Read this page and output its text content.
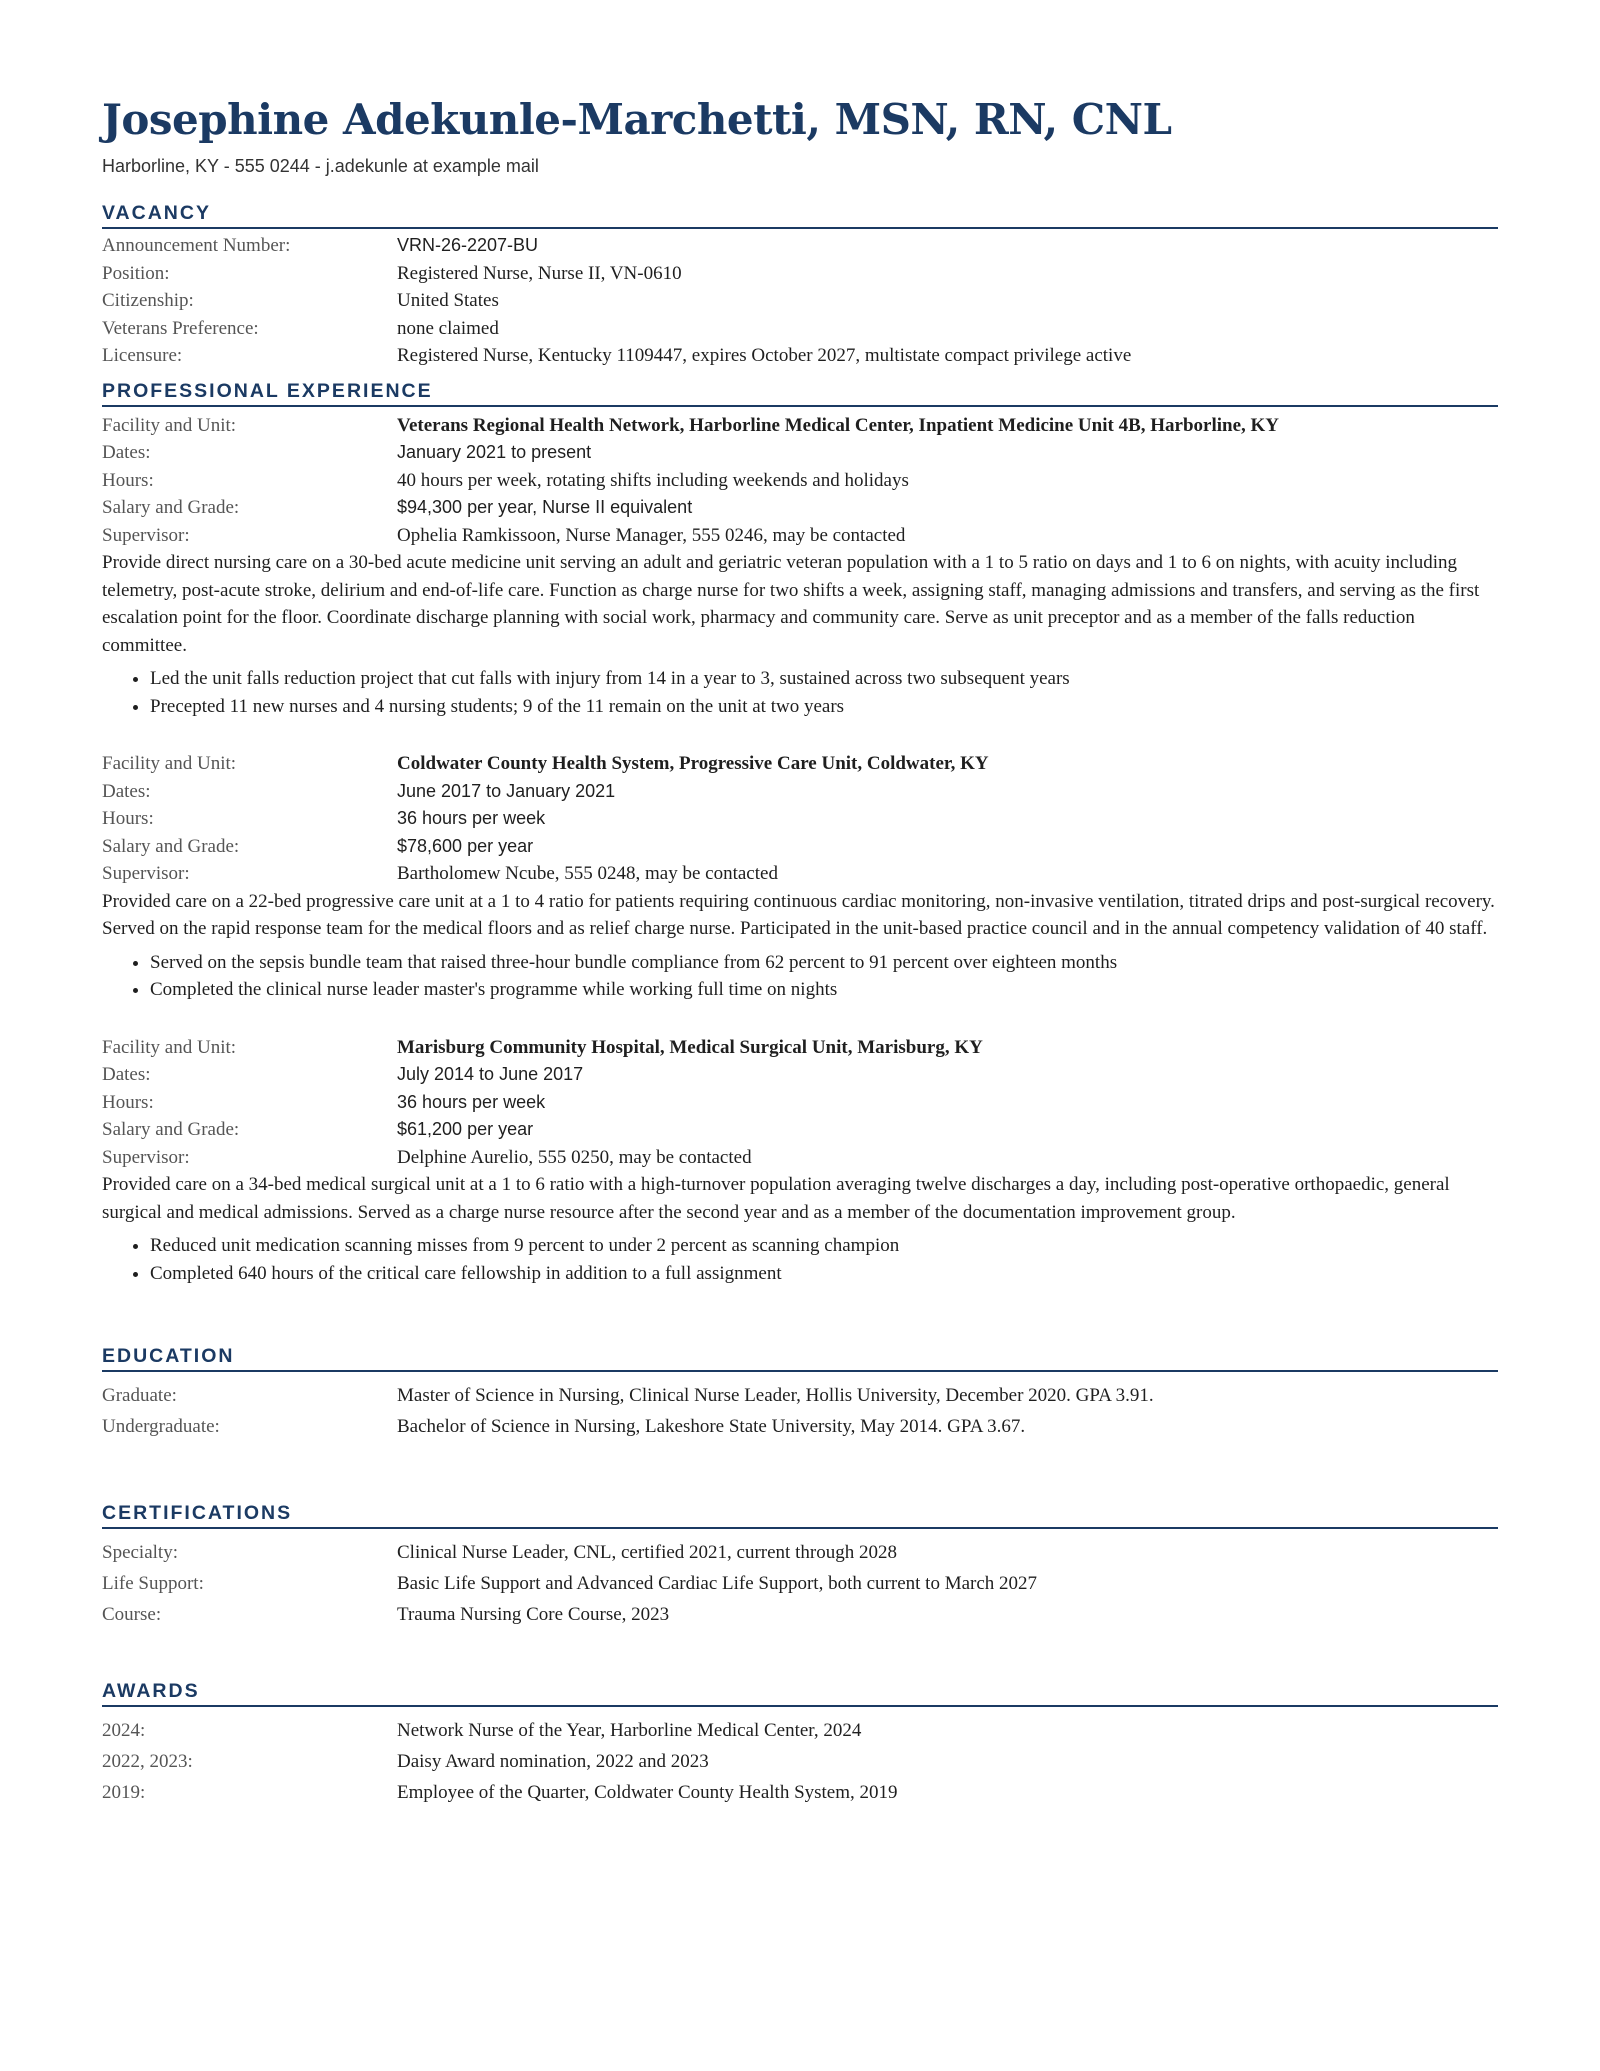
Josephine Adekunle-Marchetti, MSN, RN, CNL
Harborline, KY - 555 0244 - j.adekunle at example mail
VACANCY
Announcement Number:	VRN-26-2207-BU
Position:	Registered Nurse, Nurse II, VN-0610
Citizenship:	United States
Veterans Preference:	none claimed
Licensure:	Registered Nurse, Kentucky 1109447, expires October 2027, multistate compact privilege active
PROFESSIONAL EXPERIENCE
Facility and Unit:	Veterans Regional Health Network, Harborline Medical Center, Inpatient Medicine Unit 4B, Harborline, KY
Dates:	January 2021 to present
Hours:	40 hours per week, rotating shifts including weekends and holidays
Salary and Grade:	$94,300 per year, Nurse II equivalent
Supervisor:	Ophelia Ramkissoon, Nurse Manager, 555 0246, may be contacted

Provide direct nursing care on a 30-bed acute medicine unit serving an adult and geriatric veteran population with a 1 to 5 ratio on days and 1 to 6 on nights, with acuity including telemetry, post-acute stroke, delirium and end-of-life care. Function as charge nurse for two shifts a week, assigning staff, managing admissions and transfers, and serving as the first escalation point for the floor. Coordinate discharge planning with social work, pharmacy and community care. Serve as unit preceptor and as a member of the falls reduction committee.

• Led the unit falls reduction project that cut falls with injury from 14 in a year to 3, sustained across two subsequent years
• Precepted 11 new nurses and 4 nursing students; 9 of the 11 remain on the unit at two years
Facility and Unit:	Coldwater County Health System, Progressive Care Unit, Coldwater, KY
Dates:	June 2017 to January 2021
Hours:	36 hours per week
Salary and Grade:	$78,600 per year
Supervisor:	Bartholomew Ncube, 555 0248, may be contacted

Provided care on a 22-bed progressive care unit at a 1 to 4 ratio for patients requiring continuous cardiac monitoring, non-invasive ventilation, titrated drips and post-surgical recovery. Served on the rapid response team for the medical floors and as relief charge nurse. Participated in the unit-based practice council and in the annual competency validation of 40 staff.

• Served on the sepsis bundle team that raised three-hour bundle compliance from 62 percent to 91 percent over eighteen months
• Completed the clinical nurse leader master's programme while working full time on nights
Facility and Unit:	Marisburg Community Hospital, Medical Surgical Unit, Marisburg, KY
Dates:	July 2014 to June 2017
Hours:	36 hours per week
Salary and Grade:	$61,200 per year
Supervisor:	Delphine Aurelio, 555 0250, may be contacted

Provided care on a 34-bed medical surgical unit at a 1 to 6 ratio with a high-turnover population averaging twelve discharges a day, including post-operative orthopaedic, general surgical and medical admissions. Served as a charge nurse resource after the second year and as a member of the documentation improvement group.

• Reduced unit medication scanning misses from 9 percent to under 2 percent as scanning champion
• Completed 640 hours of the critical care fellowship in addition to a full assignment
EDUCATION
Graduate:	Master of Science in Nursing, Clinical Nurse Leader, Hollis University, December 2020. GPA 3.91.
Undergraduate:	Bachelor of Science in Nursing, Lakeshore State University, May 2014. GPA 3.67.
CERTIFICATIONS
Specialty:	Clinical Nurse Leader, CNL, certified 2021, current through 2028
Life Support:	Basic Life Support and Advanced Cardiac Life Support, both current to March 2027
Course:	Trauma Nursing Core Course, 2023
AWARDS
2024:	Network Nurse of the Year, Harborline Medical Center, 2024
2022, 2023:	Daisy Award nomination, 2022 and 2023
2019:	Employee of the Quarter, Coldwater County Health System, 2019
